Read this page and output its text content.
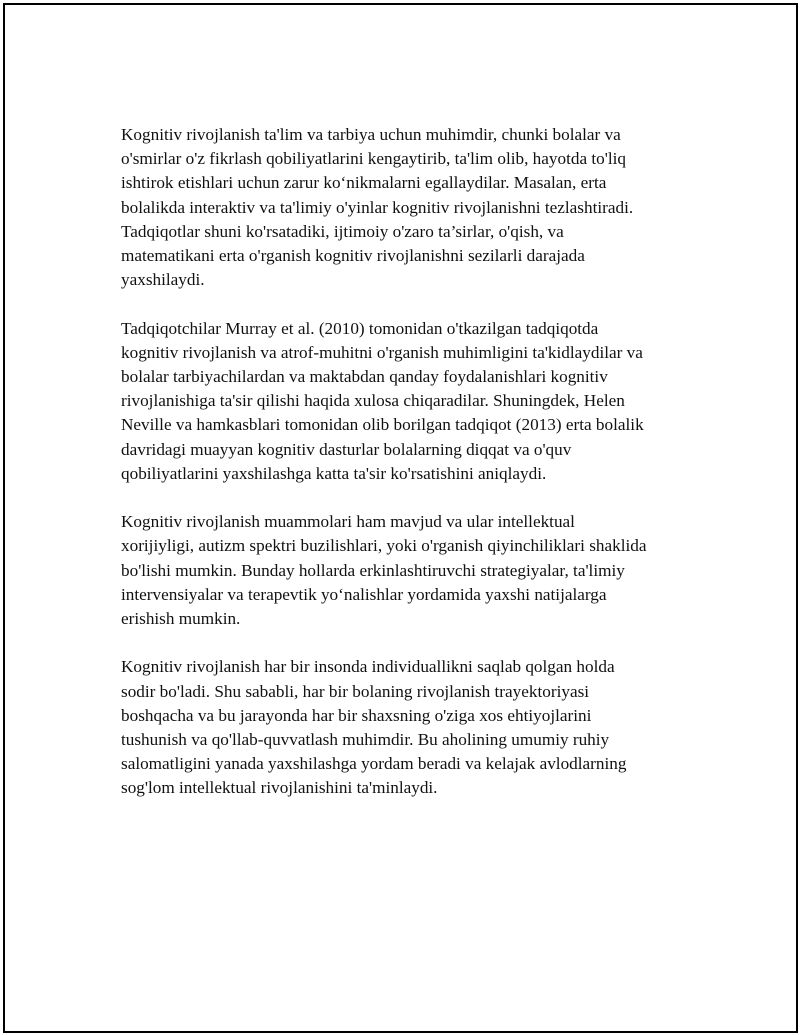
Kognitiv rivojlanish ta'lim va tarbiya uchun muhimdir, chunki bolalar va
o'smirlar o'z fikrlash qobiliyatlarini kengaytirib, ta'lim olib, hayotda to'liq
ishtirok etishlari uchun zarur ko‘nikmalarni egallaydilar. Masalan, erta
bolalikda interaktiv va ta'limiy o'yinlar kognitiv rivojlanishni tezlashtiradi.
Tadqiqotlar shuni ko'rsatadiki, ijtimoiy o'zaro ta’sirlar, o'qish, va
matematikani erta o'rganish kognitiv rivojlanishni sezilarli darajada
yaxshilaydi.

Tadqiqotchilar Murray et al. (2010) tomonidan o'tkazilgan tadqiqotda
kognitiv rivojlanish va atrof-muhitni o'rganish muhimligini ta'kidlaydilar va
bolalar tarbiyachilardan va maktabdan qanday foydalanishlari kognitiv
rivojlanishiga ta'sir qilishi haqida xulosa chiqaradilar. Shuningdek, Helen
Neville va hamkasblari tomonidan olib borilgan tadqiqot (2013) erta bolalik
davridagi muayyan kognitiv dasturlar bolalarning diqqat va o'quv
qobiliyatlarini yaxshilashga katta ta'sir ko'rsatishini aniqlaydi.

Kognitiv rivojlanish muammolari ham mavjud va ular intellektual
xorijiyligi, autizm spektri buzilishlari, yoki o'rganish qiyinchiliklari shaklida
bo'lishi mumkin. Bunday hollarda erkinlashtiruvchi strategiyalar, ta'limiy
intervensiyalar va terapevtik yo‘nalishlar yordamida yaxshi natijalarga
erishish mumkin.

Kognitiv rivojlanish har bir insonda individuallikni saqlab qolgan holda
sodir bo'ladi. Shu sababli, har bir bolaning rivojlanish trayektoriyasi
boshqacha va bu jarayonda har bir shaxsning o'ziga xos ehtiyojlarini
tushunish va qo'llab-quvvatlash muhimdir. Bu aholining umumiy ruhiy
salomatligini yanada yaxshilashga yordam beradi va kelajak avlodlarning
sog'lom intellektual rivojlanishini ta'minlaydi.
